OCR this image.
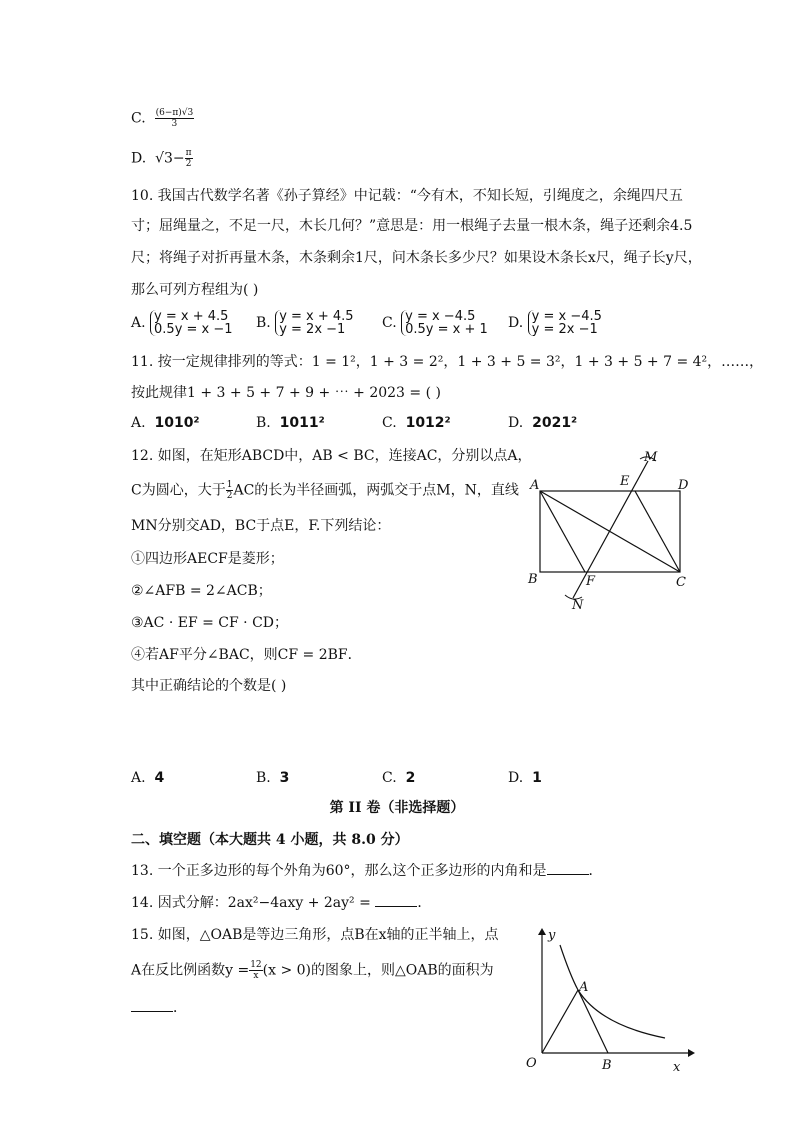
C. $\frac{(6-\pi)√3}{3}$
D. $√3- \frac{\pi}{2}$
10. 我国古代数学名著《孙子算经》中记载：“今有木，不知长短，引绳度之，余绳四尺五
寸；屈绳量之，不足一尺，木长几何？”意思是：用一根绳子去量一根木条，绳子还剩余4.5
尺；将绳子对折再量木条，木条剩余1尺，问木条长多少尺？如果设木条长x尺，绳子长y尺，
那么可列方程组为( )
A. y = x + 4.5
0.5y = x −1 B. y = x + 4.5
y = 2x −1	C. y = x −4.5
0.5y = x + 1 D. y = x −4.5
y = 2x −1
11. 按一定规律排列的等式：1 = 1²，1 + 3 = 2²，1 + 3 + 5 = 3²，1 + 3 + 5 + 7 = 4²，……，
按此规律1 + 3 + 5 + 7 + 9 + ⋯ + 2023 = ( )
A. 1010²	B. 1011²	C. 1012²	D. 2021²
12. 如图，在矩形ABCD中，AB < BC，连接AC，分别以点A，
C为圆心，大于 $\frac{1}{2}$ AC的长为半径画弧，两弧交于点M，N，直线
MN分别交AD，BC于点E，F.下列结论：
①四边形AECF是菱形；
②∠AFB = 2∠ACB；
③AC · EF = CF · CD；
④若AF平分∠BAC，则CF = 2BF．
其中正确结论的个数是( )
A
B	C
D
E
F
M
N
A. 4	B. 3	C. 2	D. 1
第 II 卷（非选择题）
二、填空题（本大题共 4 小题，共 8.0 分）
13. 一个正多边形的每个外角为60°，那么这个正多边形的内角和是	．
14. 因式分解：2ax²−4axy + 2ay² =	．
15. 如图，△OAB是等边三角形，点B在x轴的正半轴上，点
A在反比例函数$y = \frac{12}{x} (x > 0)$的图象上，则△OAB的面积为
．
y
x
O
A
B
